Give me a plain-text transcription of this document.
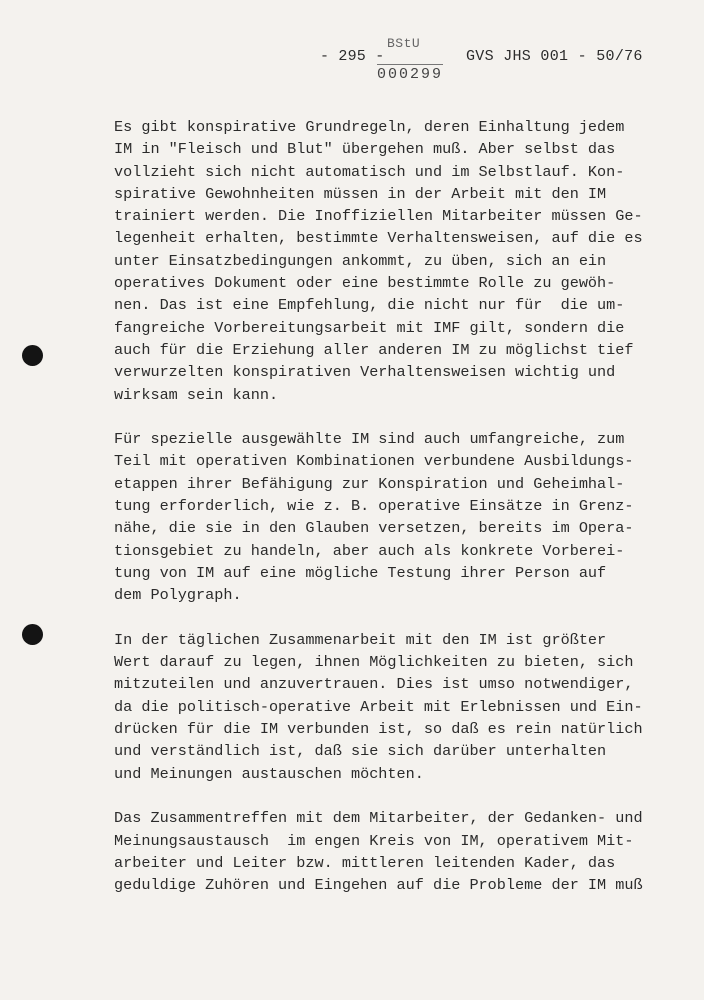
BStU
000299
- 295 -	GVS JHS 001 - 50/76
Es gibt konspirative Grundregeln, deren Einhaltung jedem
IM in "Fleisch und Blut" übergehen muß. Aber selbst das
vollzieht sich nicht automatisch und im Selbstlauf. Kon-
spirative Gewohnheiten müssen in der Arbeit mit den IM
trainiert werden. Die Inoffiziellen Mitarbeiter müssen Ge-
legenheit erhalten, bestimmte Verhaltensweisen, auf die es
unter Einsatzbedingungen ankommt, zu üben, sich an ein
operatives Dokument oder eine bestimmte Rolle zu gewöh-
nen. Das ist eine Empfehlung, die nicht nur für  die um-
fangreiche Vorbereitungsarbeit mit IMF gilt, sondern die
auch für die Erziehung aller anderen IM zu möglichst tief
verwurzelten konspirativen Verhaltensweisen wichtig und
wirksam sein kann.
Für spezielle ausgewählte IM sind auch umfangreiche, zum
Teil mit operativen Kombinationen verbundene Ausbildungs-
etappen ihrer Befähigung zur Konspiration und Geheimhal-
tung erforderlich, wie z. B. operative Einsätze in Grenz-
nähe, die sie in den Glauben versetzen, bereits im Opera-
tionsgebiet zu handeln, aber auch als konkrete Vorberei-
tung von IM auf eine mögliche Testung ihrer Person auf
dem Polygraph.
In der täglichen Zusammenarbeit mit den IM ist größter
Wert darauf zu legen, ihnen Möglichkeiten zu bieten, sich
mitzuteilen und anzuvertrauen. Dies ist umso notwendiger,
da die politisch-operative Arbeit mit Erlebnissen und Ein-
drücken für die IM verbunden ist, so daß es rein natürlich
und verständlich ist, daß sie sich darüber unterhalten
und Meinungen austauschen möchten.
Das Zusammentreffen mit dem Mitarbeiter, der Gedanken- und
Meinungsaustausch  im engen Kreis von IM, operativem Mit-
arbeiter und Leiter bzw. mittleren leitenden Kader, das
geduldige Zuhören und Eingehen auf die Probleme der IM muß
